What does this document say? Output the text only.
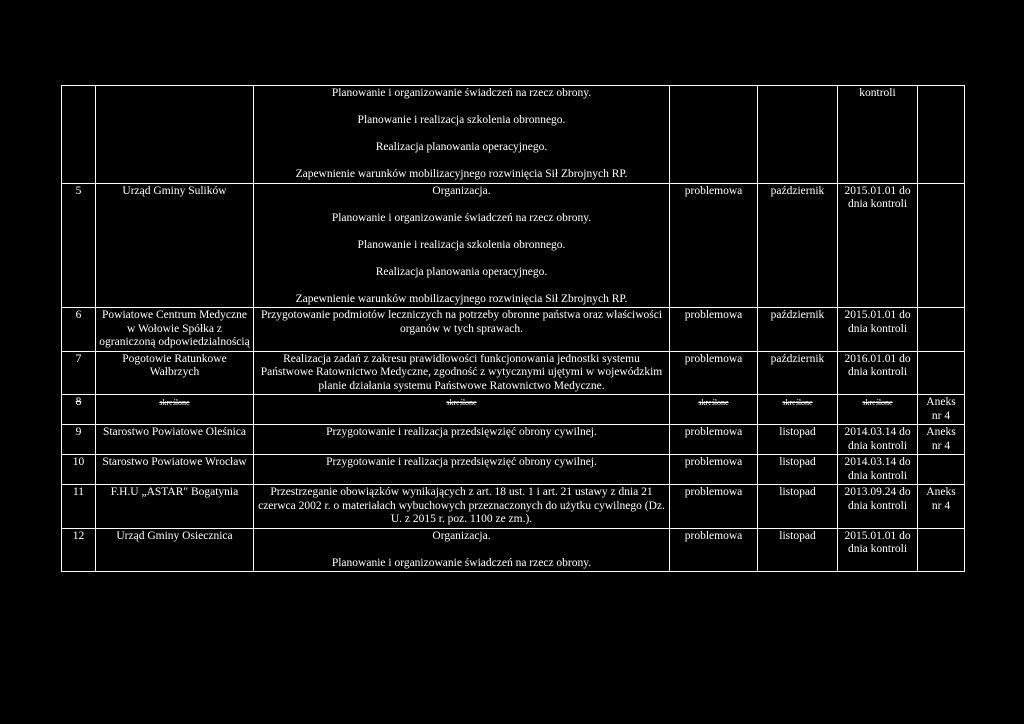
		Planowanie i organizowanie świadczeń na rzecz obrony.

Planowanie i realizacja szkolenia obronnego.

Realizacja planowania operacyjnego.

Zapewnienie warunków mobilizacyjnego rozwinięcia Sił Zbrojnych RP.			kontroli	
5	Urząd Gminy Sulików	Organizacja.

Planowanie i organizowanie świadczeń na rzecz obrony.

Planowanie i realizacja szkolenia obronnego.

Realizacja planowania operacyjnego.

Zapewnienie warunków mobilizacyjnego rozwinięcia Sił Zbrojnych RP.	problemowa	październik	2015.01.01 do dnia kontroli	
6	Powiatowe Centrum Medyczne w Wołowie Spółka z ograniczoną odpowiedzialnością	Przygotowanie podmiotów leczniczych na potrzeby obronne państwa oraz właściwości organów w tych sprawach.	problemowa	październik	2015.01.01 do dnia kontroli	
7	Pogotowie Ratunkowe Wałbrzych	Realizacja zadań z zakresu prawidłowości funkcjonowania jednostki systemu Państwowe Ratownictwo Medyczne, zgodność z wytycznymi ujętymi w wojewódzkim planie działania systemu Państwowe Ratownictwo Medyczne.	problemowa	październik	2016.01.01 do dnia kontroli	
8	skreślone	skreślone	skreślone	skreślone	skreślone	Aneks nr 4
9	Starostwo Powiatowe Oleśnica	Przygotowanie i realizacja przedsięwzięć obrony cywilnej.	problemowa	listopad	2014.03.14 do dnia kontroli	Aneks nr 4
10	Starostwo Powiatowe Wrocław	Przygotowanie i realizacja przedsięwzięć obrony cywilnej.	problemowa	listopad	2014.03.14 do dnia kontroli	
11	F.H.U „ASTAR" Bogatynia	Przestrzeganie obowiązków wynikających z art. 18 ust. 1 i art. 21 ustawy z dnia 21 czerwca 2002 r. o materiałach wybuchowych przeznaczonych do użytku cywilnego (Dz. U. z 2015 r. poz. 1100 ze zm.).	problemowa	listopad	2013.09.24 do dnia kontroli	Aneks nr 4
12	Urząd Gminy Osiecznica	Organizacja.

Planowanie i organizowanie świadczeń na rzecz obrony.	problemowa	listopad	2015.01.01 do dnia kontroli	
